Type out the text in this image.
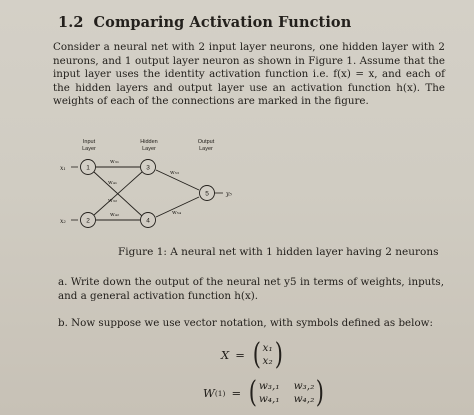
1.2 Comparing Activation Function

Consider a neural net with 2 input layer neurons, one hidden layer with 2 neurons, and 1 output layer neuron as shown in Figure 1. Assume that the input layer uses the identity activation function i.e. f(x) = x, and each of the hidden layers and output layer use an activation function h(x). The weights of each of the connections are marked in the figure.

Input
Layer
Hidden
Layer
Output
Layer
x₁
x₂
w₃₁
w₄₁
w₃₂
w₄₂
w₅₃
w₅₄
1
2
3
4
5	y₅
Figure 1: A neural net with 1 hidden layer having 2 neurons

a. Write down the output of the neural net y5 in terms of weights, inputs, and a general activation function h(x).

b. Now suppose we use vector notation, with symbols defined as below:
X = ( x₁
x₂ )
W (1) = ( w₃,₁ w₃,₂
w₄,₁ w₄,₂ )
